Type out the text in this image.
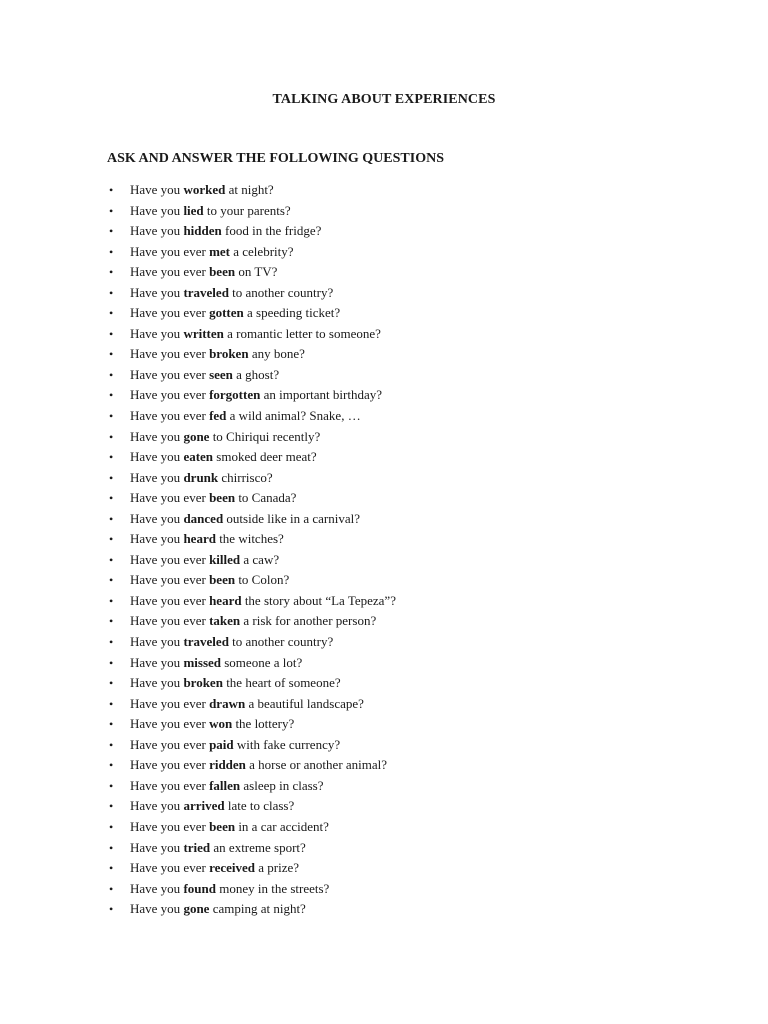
TALKING ABOUT EXPERIENCES
ASK AND ANSWER THE FOLLOWING QUESTIONS
• Have you worked at night?
• Have you lied to your parents?
• Have you hidden food in the fridge?
• Have you ever met a celebrity?
• Have you ever been on TV?
• Have you traveled to another country?
• Have you ever gotten a speeding ticket?
• Have you written a romantic letter to someone?
• Have you ever broken any bone?
• Have you ever seen a ghost?
• Have you ever forgotten an important birthday?
• Have you ever fed a wild animal? Snake, …
• Have you gone to Chiriqui recently?
• Have you eaten smoked deer meat?
• Have you drunk chirrisco?
• Have you ever been to Canada?
• Have you danced outside like in a carnival?
• Have you heard the witches?
• Have you ever killed a caw?
• Have you ever been to Colon?
• Have you ever heard the story about “La Tepeza”?
• Have you ever taken a risk for another person?
• Have you traveled to another country?
• Have you missed someone a lot?
• Have you broken the heart of someone?
• Have you ever drawn a beautiful landscape?
• Have you ever won the lottery?
• Have you ever paid with fake currency?
• Have you ever ridden a horse or another animal?
• Have you ever fallen asleep in class?
• Have you arrived late to class?
• Have you ever been in a car accident?
• Have you tried an extreme sport?
• Have you ever received a prize?
• Have you found money in the streets?
• Have you gone camping at night?
